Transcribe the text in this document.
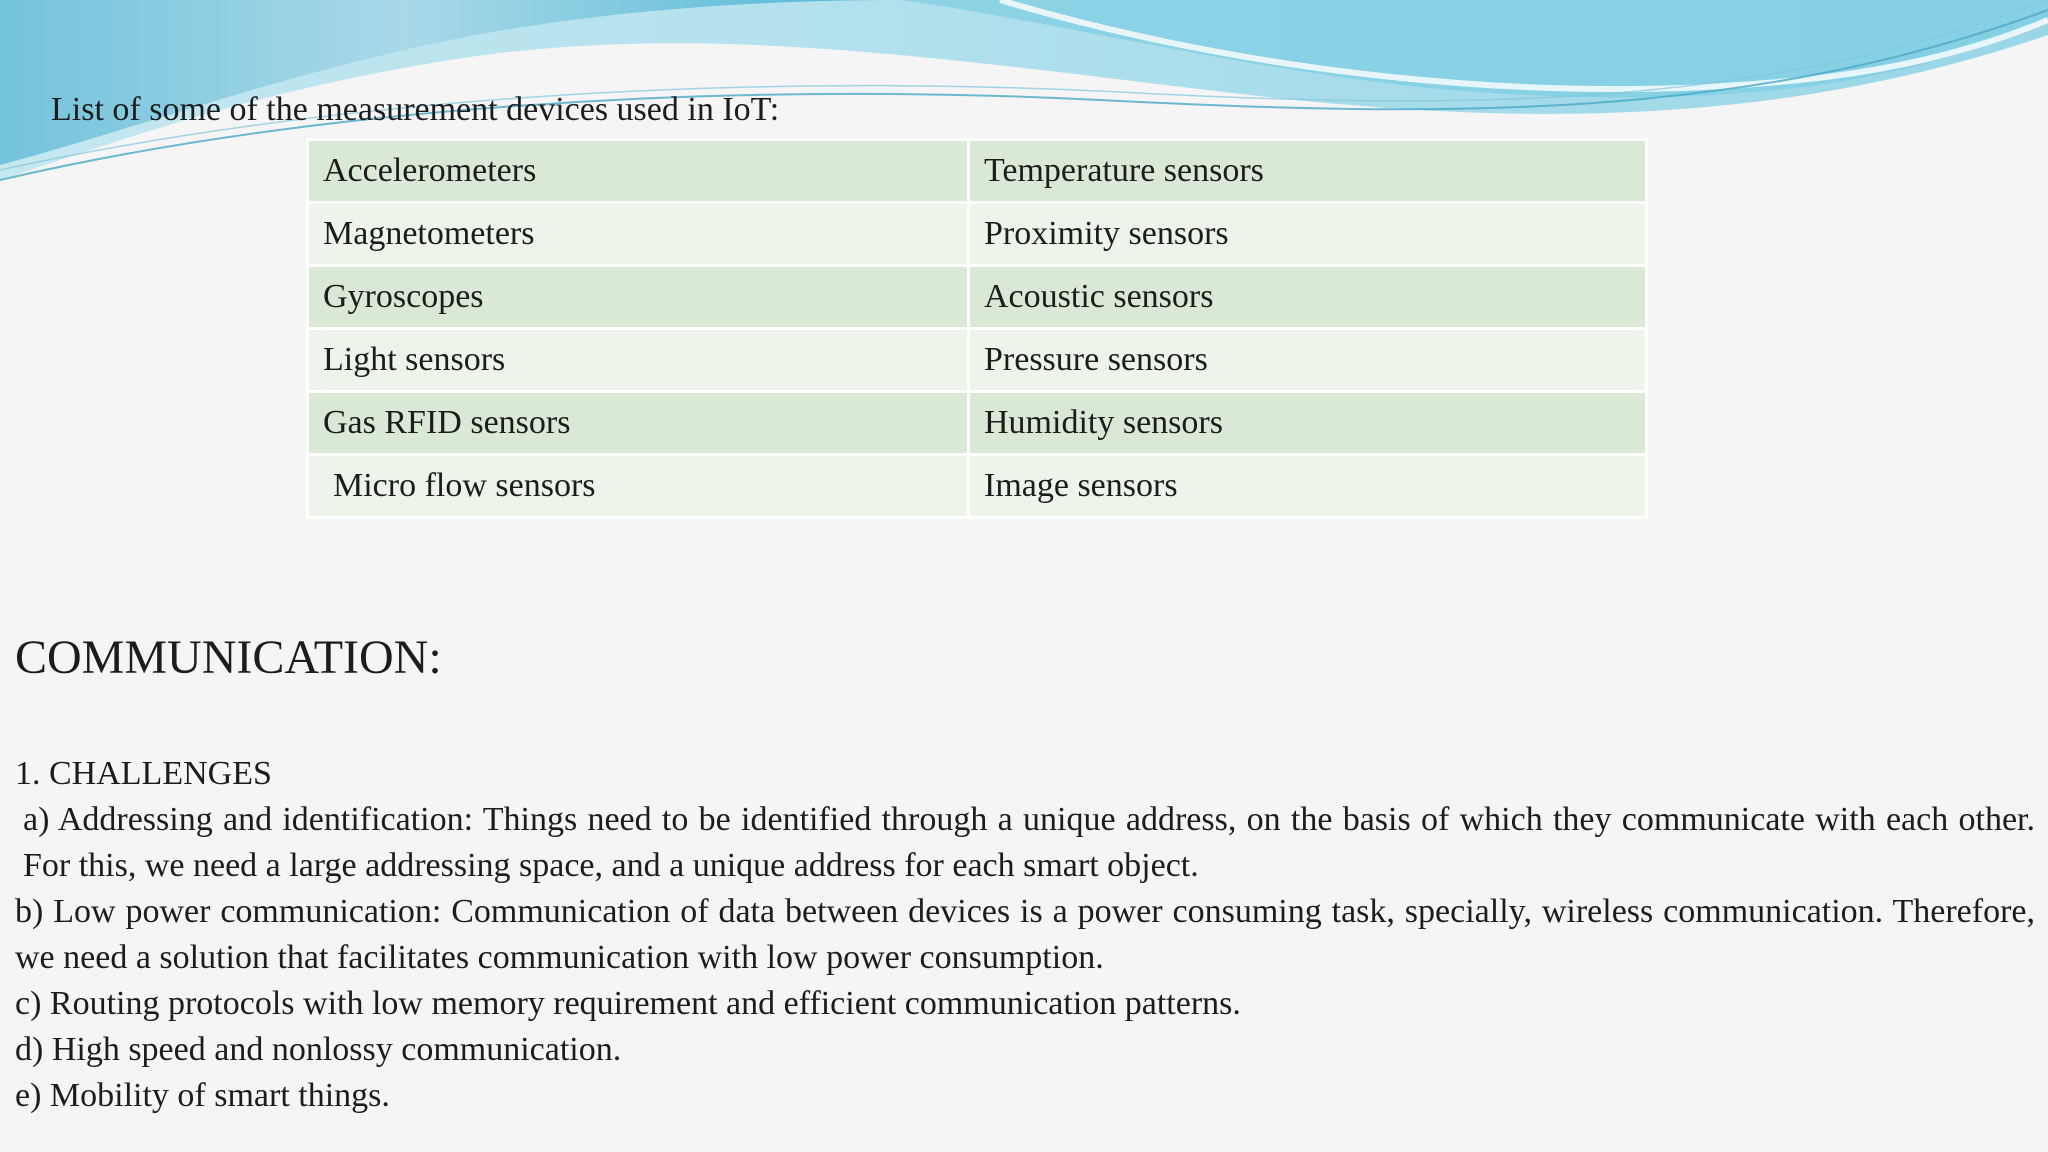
List of some of the measurement devices used in IoT:
Accelerometers	Temperature sensors
Magnetometers	Proximity sensors
Gyroscopes	Acoustic sensors
Light sensors	Pressure sensors
Gas RFID sensors	Humidity sensors
Micro flow sensors	Image sensors
COMMUNICATION:

1. CHALLENGES

a) Addressing and identification: Things need to be identified through a unique address, on the basis of which they communicate with each other. For this, we need a large addressing space, and a unique address for each smart object.

b) Low power communication: Communication of data between devices is a power consuming task, specially, wireless communication. Therefore, we need a solution that facilitates communication with low power consumption.

c) Routing protocols with low memory requirement and efficient communication patterns.

d) High speed and nonlossy communication.

e) Mobility of smart things.
